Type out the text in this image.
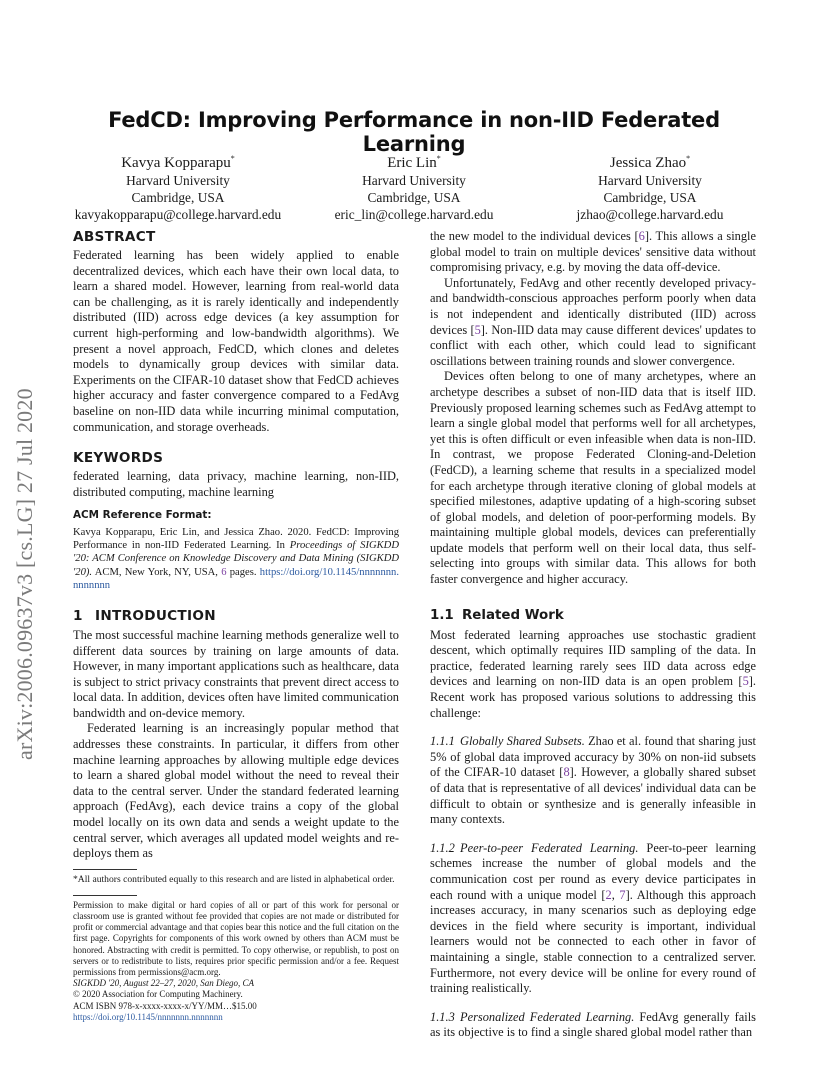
arXiv:2006.09637v3 [cs.LG] 27 Jul 2020
FedCD: Improving Performance in non-IID Federated Learning
Kavya Kopparapu*
Harvard University
Cambridge, USA
kavyakopparapu@college.harvard.edu
Eric Lin*
Harvard University
Cambridge, USA
eric_lin@college.harvard.edu
Jessica Zhao*
Harvard University
Cambridge, USA
jzhao@college.harvard.edu
ABSTRACT

Federated learning has been widely applied to enable decentralized devices, which each have their own local data, to learn a shared model. However, learning from real-world data can be challenging, as it is rarely identically and independently distributed (IID) across edge devices (a key assumption for current high-performing and low-bandwidth algorithms). We present a novel approach, FedCD, which clones and deletes models to dynamically group devices with similar data. Experiments on the CIFAR-10 dataset show that FedCD achieves higher accuracy and faster convergence compared to a FedAvg baseline on non-IID data while incurring minimal computation, communication, and storage overheads.

KEYWORDS

federated learning, data privacy, machine learning, non-IID, distributed computing, machine learning

ACM Reference Format:

Kavya Kopparapu, Eric Lin, and Jessica Zhao. 2020. FedCD: Improving Performance in non-IID Federated Learning. In Proceedings of SIGKDD '20: ACM Conference on Knowledge Discovery and Data Mining (SIGKDD '20). ACM, New York, NY, USA, 6 pages. https://doi.org/10.1145/nnnnnnn.nnnnnnn

1 INTRODUCTION

The most successful machine learning methods generalize well to different data sources by training on large amounts of data. However, in many important applications such as healthcare, data is subject to strict privacy constraints that prevent direct access to local data. In addition, devices often have limited communication bandwidth and on-device memory.

Federated learning is an increasingly popular method that addresses these constraints. In particular, it differs from other machine learning approaches by allowing multiple edge devices to learn a shared global model without the need to reveal their data to the central server. Under the standard federated learning approach (FedAvg), each device trains a copy of the global model locally on its own data and sends a weight update to the central server, which averages all updated model weights and re-deploys them as

*All authors contributed equally to this research and are listed in alphabetical order.

Permission to make digital or hard copies of all or part of this work for personal or classroom use is granted without fee provided that copies are not made or distributed for profit or commercial advantage and that copies bear this notice and the full citation on the first page. Copyrights for components of this work owned by others than ACM must be honored. Abstracting with credit is permitted. To copy otherwise, or republish, to post on servers or to redistribute to lists, requires prior specific permission and/or a fee. Request permissions from permissions@acm.org.

SIGKDD '20, August 22–27, 2020, San Diego, CA
© 2020 Association for Computing Machinery.
ACM ISBN 978-x-xxxx-xxxx-x/YY/MM…$15.00
https://doi.org/10.1145/nnnnnnn.nnnnnnn

the new model to the individual devices [6]. This allows a single global model to train on multiple devices' sensitive data without compromising privacy, e.g. by moving the data off-device.

Unfortunately, FedAvg and other recently developed privacy- and bandwidth-conscious approaches perform poorly when data is not independent and identically distributed (IID) across devices [5]. Non-IID data may cause different devices' updates to conflict with each other, which could lead to significant oscillations between training rounds and slower convergence.

Devices often belong to one of many archetypes, where an archetype describes a subset of non-IID data that is itself IID. Previously proposed learning schemes such as FedAvg attempt to learn a single global model that performs well for all archetypes, yet this is often difficult or even infeasible when data is non-IID. In contrast, we propose Federated Cloning-and-Deletion (FedCD), a learning scheme that results in a specialized model for each archetype through iterative cloning of global models at specified milestones, adaptive updating of a high-scoring subset of global models, and deletion of poor-performing models. By maintaining multiple global models, devices can preferentially update models that perform well on their local data, thus self-selecting into groups with similar data. This allows for both faster convergence and higher accuracy.

1.1 Related Work

Most federated learning approaches use stochastic gradient descent, which optimally requires IID sampling of the data. In practice, federated learning rarely sees IID data across edge devices and learning on non-IID data is an open problem [5]. Recent work has proposed various solutions to addressing this challenge:

1.1.1 Globally Shared Subsets. Zhao et al. found that sharing just 5% of global data improved accuracy by 30% on non-iid subsets of the CIFAR-10 dataset [8]. However, a globally shared subset of data that is representative of all devices' individual data can be difficult to obtain or synthesize and is generally infeasible in many contexts.

1.1.2 Peer-to-peer Federated Learning. Peer-to-peer learning schemes increase the number of global models and the communication cost per round as every device participates in each round with a unique model [2, 7]. Although this approach increases accuracy, in many scenarios such as deploying edge devices in the field where security is important, individual learners would not be connected to each other in favor of maintaining a single, stable connection to a centralized server. Furthermore, not every device will be online for every round of training realistically.

1.1.3 Personalized Federated Learning. FedAvg generally fails as its objective is to find a single shared global model rather than
